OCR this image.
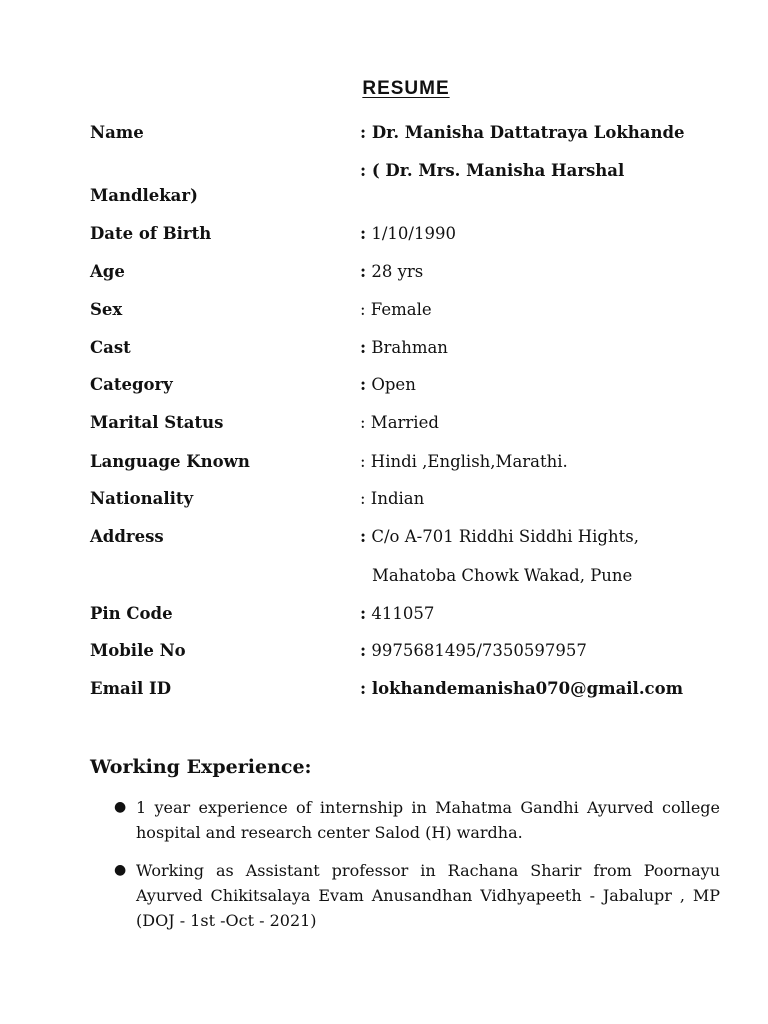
RESUME
Name	: Dr. Manisha Dattatraya Lokhande
: ( Dr. Mrs. Manisha Harshal
Mandlekar)
Date of Birth	: 1/10/1990
Age	: 28 yrs
Sex	: Female
Cast	: Brahman
Category	: Open
Marital Status	: Married
Language Known	: Hindi ,English,Marathi.
Nationality	: Indian
Address	: C/o A-701 Riddhi Siddhi Hights,
Mahatoba Chowk Wakad, Pune
Pin Code	: 411057
Mobile No	: 9975681495/7350597957
Email ID	: lokhandemanisha070@gmail.com
Working Experience:
● 1 year experience of internship in Mahatma Gandhi Ayurved college hospital and research center Salod (H) wardha.
● Working as Assistant professor in Rachana Sharir from Poornayu Ayurved Chikitsalaya Evam Anusandhan Vidhyapeeth - Jabalupr , MP (DOJ - 1st -Oct - 2021)
